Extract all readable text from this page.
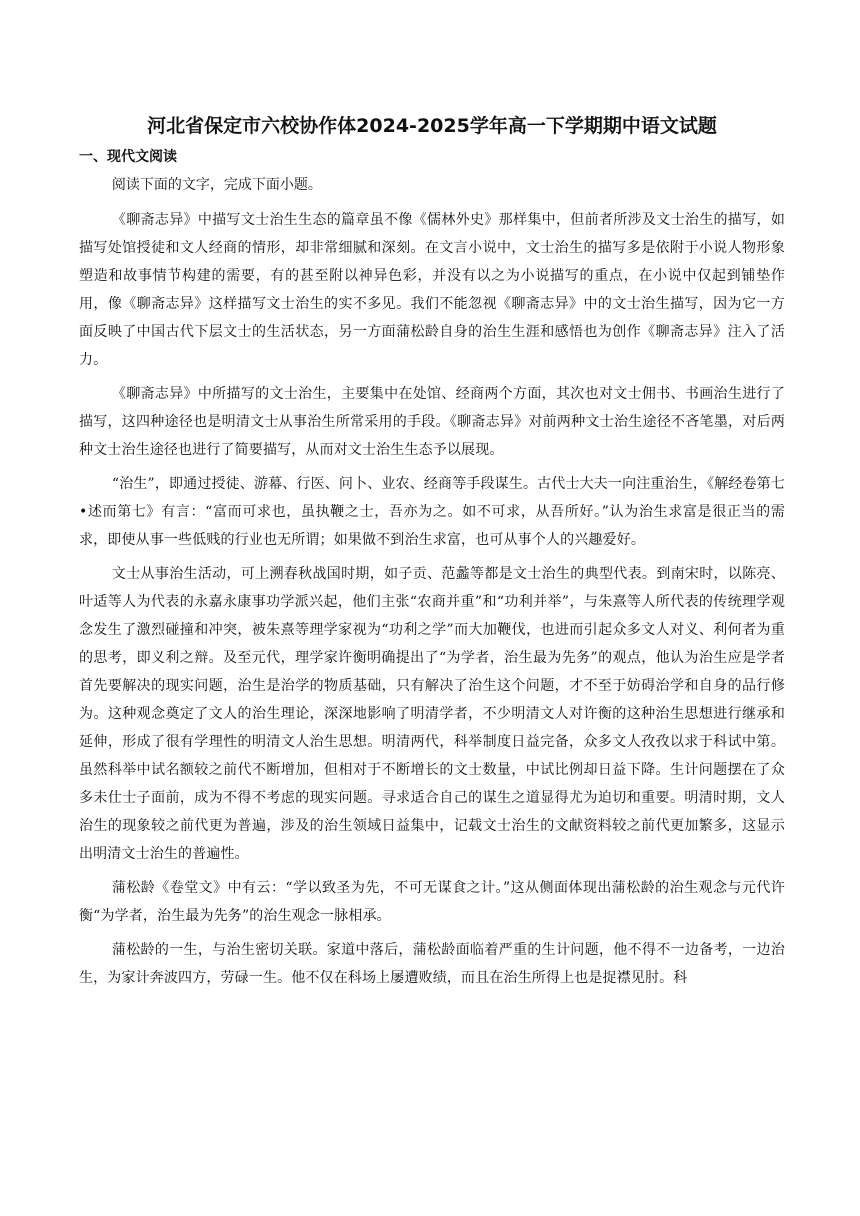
河北省保定市六校协作体2024-2025学年高一下学期期中语文试题
一、现代文阅读

阅读下面的文字，完成下面小题。

《聊斋志异》中描写文士治生生态的篇章虽不像《儒林外史》那样集中，但前者所涉及文士治生的描写，如描写处馆授徒和文人经商的情形，却非常细腻和深刻。在文言小说中，文士治生的描写多是依附于小说人物形象塑造和故事情节构建的需要，有的甚至附以神异色彩，并没有以之为小说描写的重点，在小说中仅起到铺垫作用，像《聊斋志异》这样描写文士治生的实不多见。我们不能忽视《聊斋志异》中的文士治生描写，因为它一方面反映了中国古代下层文士的生活状态，另一方面蒲松龄自身的治生生涯和感悟也为创作《聊斋志异》注入了活力。

《聊斋志异》中所描写的文士治生，主要集中在处馆、经商两个方面，其次也对文士佣书、书画治生进行了描写，这四种途径也是明清文士从事治生所常采用的手段。《聊斋志异》对前两种文士治生途径不吝笔墨，对后两种文士治生途径也进行了简要描写，从而对文士治生生态予以展现。

“治生”，即通过授徒、游幕、行医、问卜、业农、经商等手段谋生。古代士大夫一向注重治生，《解经卷第七•述而第七》有言：“富而可求也，虽执鞭之士，吾亦为之。如不可求，从吾所好。”认为治生求富是很正当的需求，即使从事一些低贱的行业也无所谓；如果做不到治生求富，也可从事个人的兴趣爱好。

文士从事治生活动，可上溯春秋战国时期，如子贡、范蠡等都是文士治生的典型代表。到南宋时，以陈亮、叶适等人为代表的永嘉永康事功学派兴起，他们主张“农商并重”和“功利并举”，与朱熹等人所代表的传统理学观念发生了激烈碰撞和冲突，被朱熹等理学家视为“功利之学”而大加鞭伐，也进而引起众多文人对义、利何者为重的思考，即义利之辩。及至元代，理学家许衡明确提出了“为学者，治生最为先务”的观点，他认为治生应是学者首先要解决的现实问题，治生是治学的物质基础，只有解决了治生这个问题，才不至于妨碍治学和自身的品行修为。这种观念奠定了文人的治生理论，深深地影响了明清学者，不少明清文人对许衡的这种治生思想进行继承和延伸，形成了很有学理性的明清文人治生思想。明清两代，科举制度日益完备，众多文人孜孜以求于科试中第。虽然科举中试名额较之前代不断增加，但相对于不断增长的文士数量，中试比例却日益下降。生计问题摆在了众多未仕士子面前，成为不得不考虑的现实问题。寻求适合自己的谋生之道显得尤为迫切和重要。明清时期，文人治生的现象较之前代更为普遍，涉及的治生领域日益集中，记载文士治生的文献资料较之前代更加繁多，这显示出明清文士治生的普遍性。

蒲松龄《卷堂文》中有云：“学以致圣为先，不可无谋食之计。”这从侧面体现出蒲松龄的治生观念与元代许衡“为学者，治生最为先务”的治生观念一脉相承。

蒲松龄的一生，与治生密切关联。家道中落后，蒲松龄面临着严重的生计问题，他不得不一边备考，一边治生，为家计奔波四方，劳碌一生。他不仅在科场上屡遭败绩，而且在治生所得上也是捉襟见肘。科
